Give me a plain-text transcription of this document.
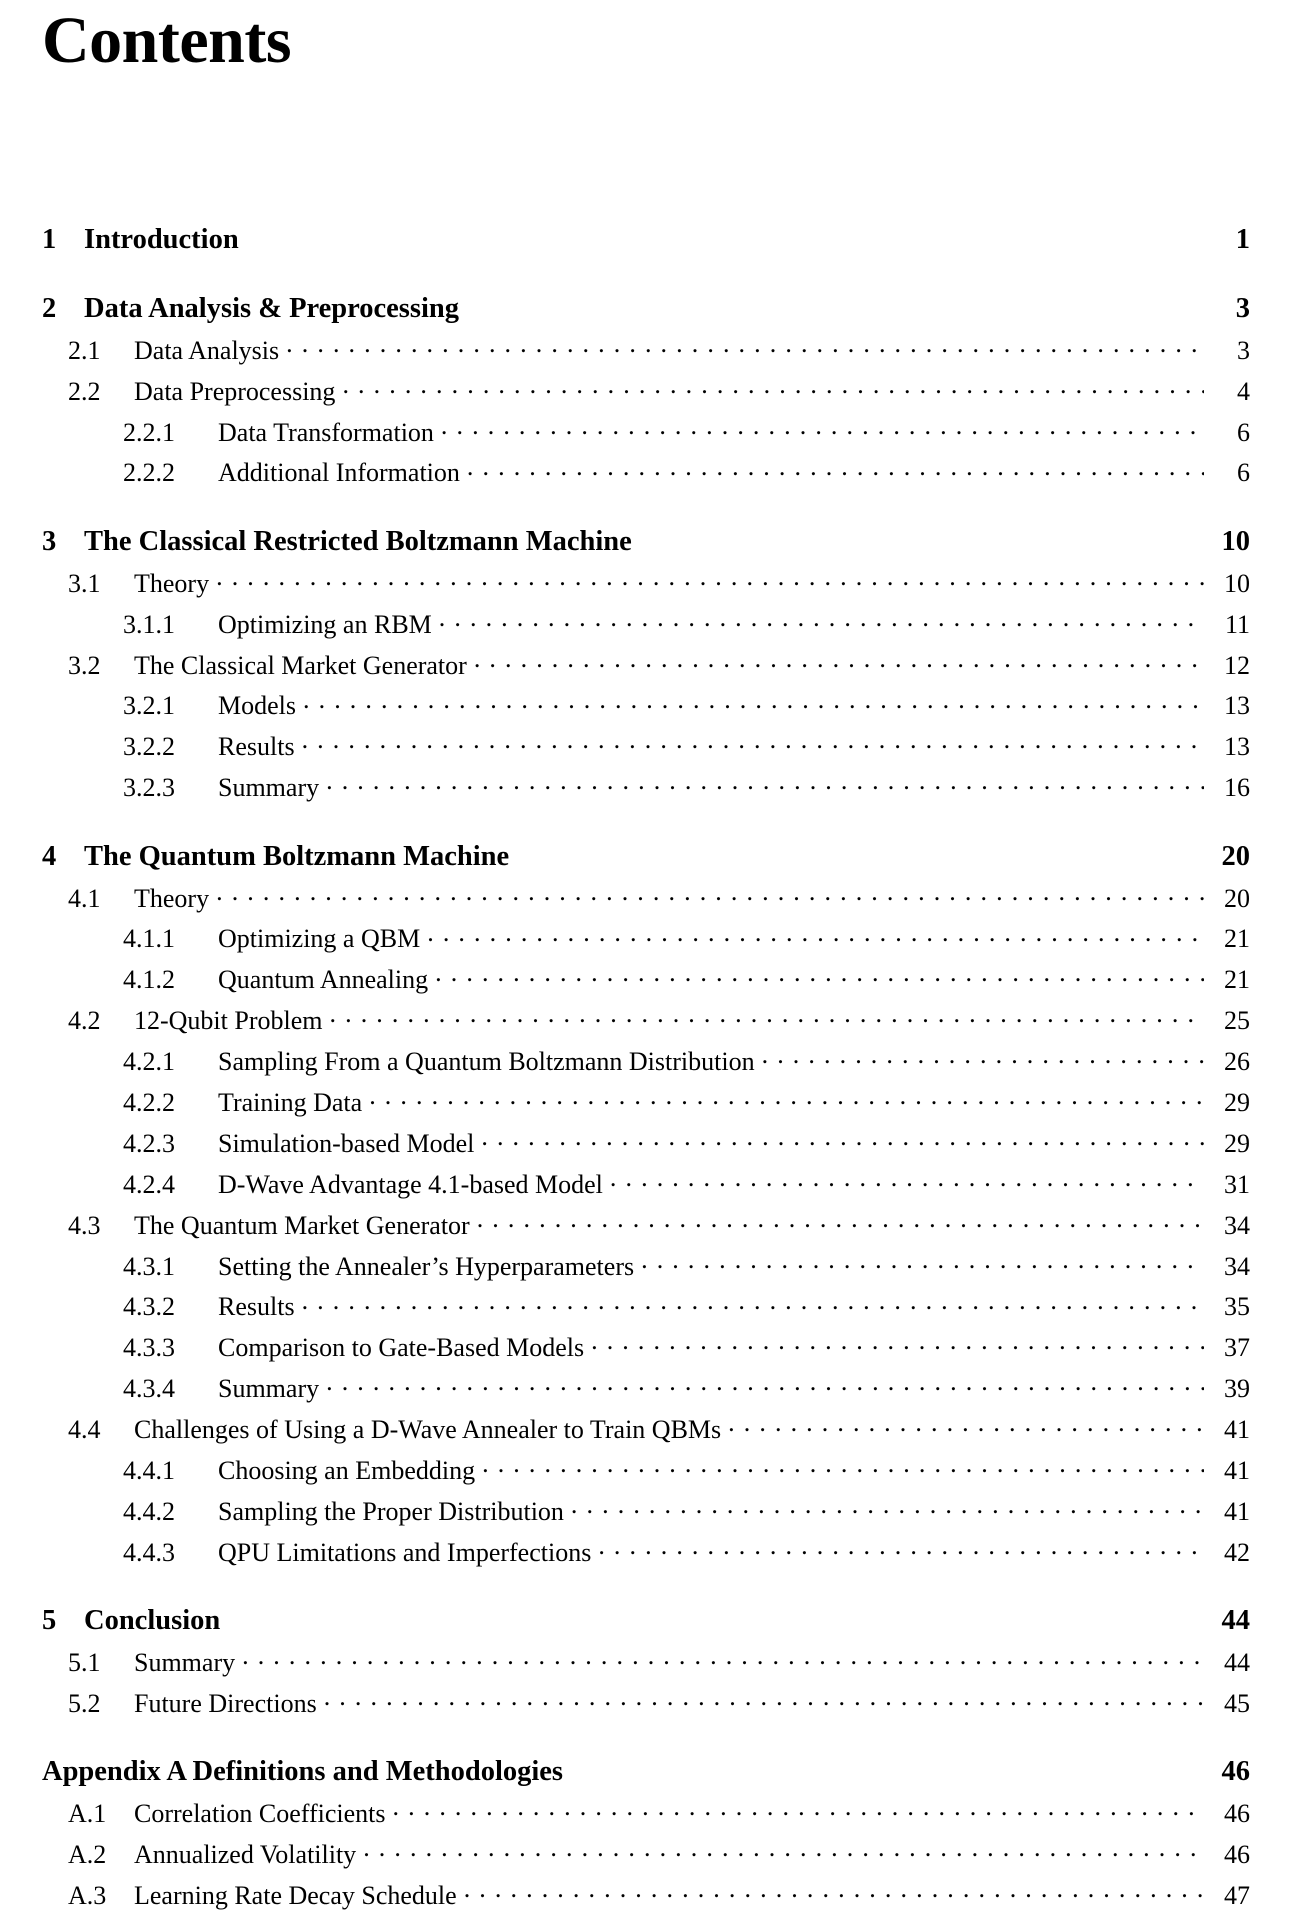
Contents
1 Introduction	1
2 Data Analysis & Preprocessing	3
2.1	Data Analysis . . .	3
2.2	Data Preprocessing . . .	4
2.2.1	Data Transformation . . .	6
2.2.2	Additional Information . . .	6
3 The Classical Restricted Boltzmann Machine	10
3.1	Theory . . .	10
3.1.1	Optimizing an RBM . . .	11
3.2	The Classical Market Generator . . .	12
3.2.1	Models . . .	13
3.2.2	Results . . .	13
3.2.3	Summary . . .	16
4 The Quantum Boltzmann Machine	20
4.1	Theory . . .	20
4.1.1	Optimizing a QBM . . .	21
4.1.2	Quantum Annealing . . .	21
4.2	12-Qubit Problem . . .	25
4.2.1	Sampling From a Quantum Boltzmann Distribution . . .	26
4.2.2	Training Data . . .	29
4.2.3	Simulation-based Model . . .	29
4.2.4	D-Wave Advantage 4.1-based Model . . .	31
4.3	The Quantum Market Generator . . .	34
4.3.1	Setting the Annealer’s Hyperparameters . . .	34
4.3.2	Results . . .	35
4.3.3	Comparison to Gate-Based Models . . .	37
4.3.4	Summary . . .	39
4.4	Challenges of Using a D-Wave Annealer to Train QBMs . . .	41
4.4.1	Choosing an Embedding . . .	41
4.4.2	Sampling the Proper Distribution . . .	41
4.4.3	QPU Limitations and Imperfections . . .	42
5 Conclusion	44
5.1	Summary . . .	44
5.2	Future Directions . . .	45
Appendix A Definitions and Methodologies	46
A.1	Correlation Coefficients . . .	46
A.2	Annualized Volatility . . .	46
A.3	Learning Rate Decay Schedule . . .	47
